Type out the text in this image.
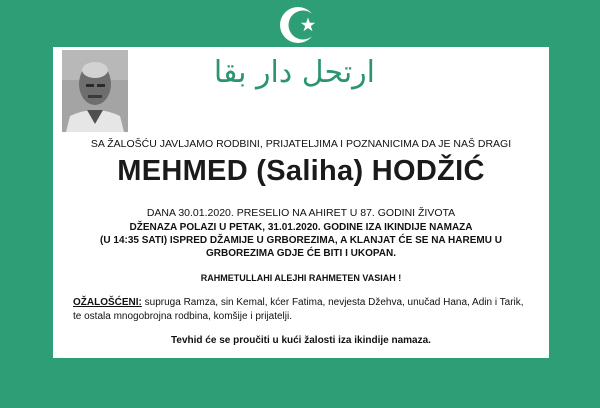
ارتحل دار بقا
SA ŽALOŠĆU JAVLJAMO RODBINI, PRIJATELJIMA I POZNANICIMA DA JE NAŠ DRAGI
MEHMED (Saliha) HODŽIĆ
DANA 30.01.2020. PRESELIO NA AHIRET U 87. GODINI ŽIVOTA
DŽENAZA POLAZI U PETAK, 31.01.2020. GODINE IZA IKINDIJE NAMAZA
(U 14:35 SATI) ISPRED DŽAMIJE U GRBOREZIMA, A KLANJAT ĆE SE NA HAREMU U
GRBOREZIMA GDJE ĆE BITI I UKOPAN.
RAHMETULLAHI ALEJHI RAHMETEN VASIAH !
OŽALOŠĆENI: supruga Ramza, sin Kemal, kćer Fatima, nevjesta Džehva, unučad Hana, Adin i Tarik,
te ostala mnogobrojna rodbina, komšije i prijatelji.
Tevhid će se proučiti u kući žalosti iza ikindije namaza.
